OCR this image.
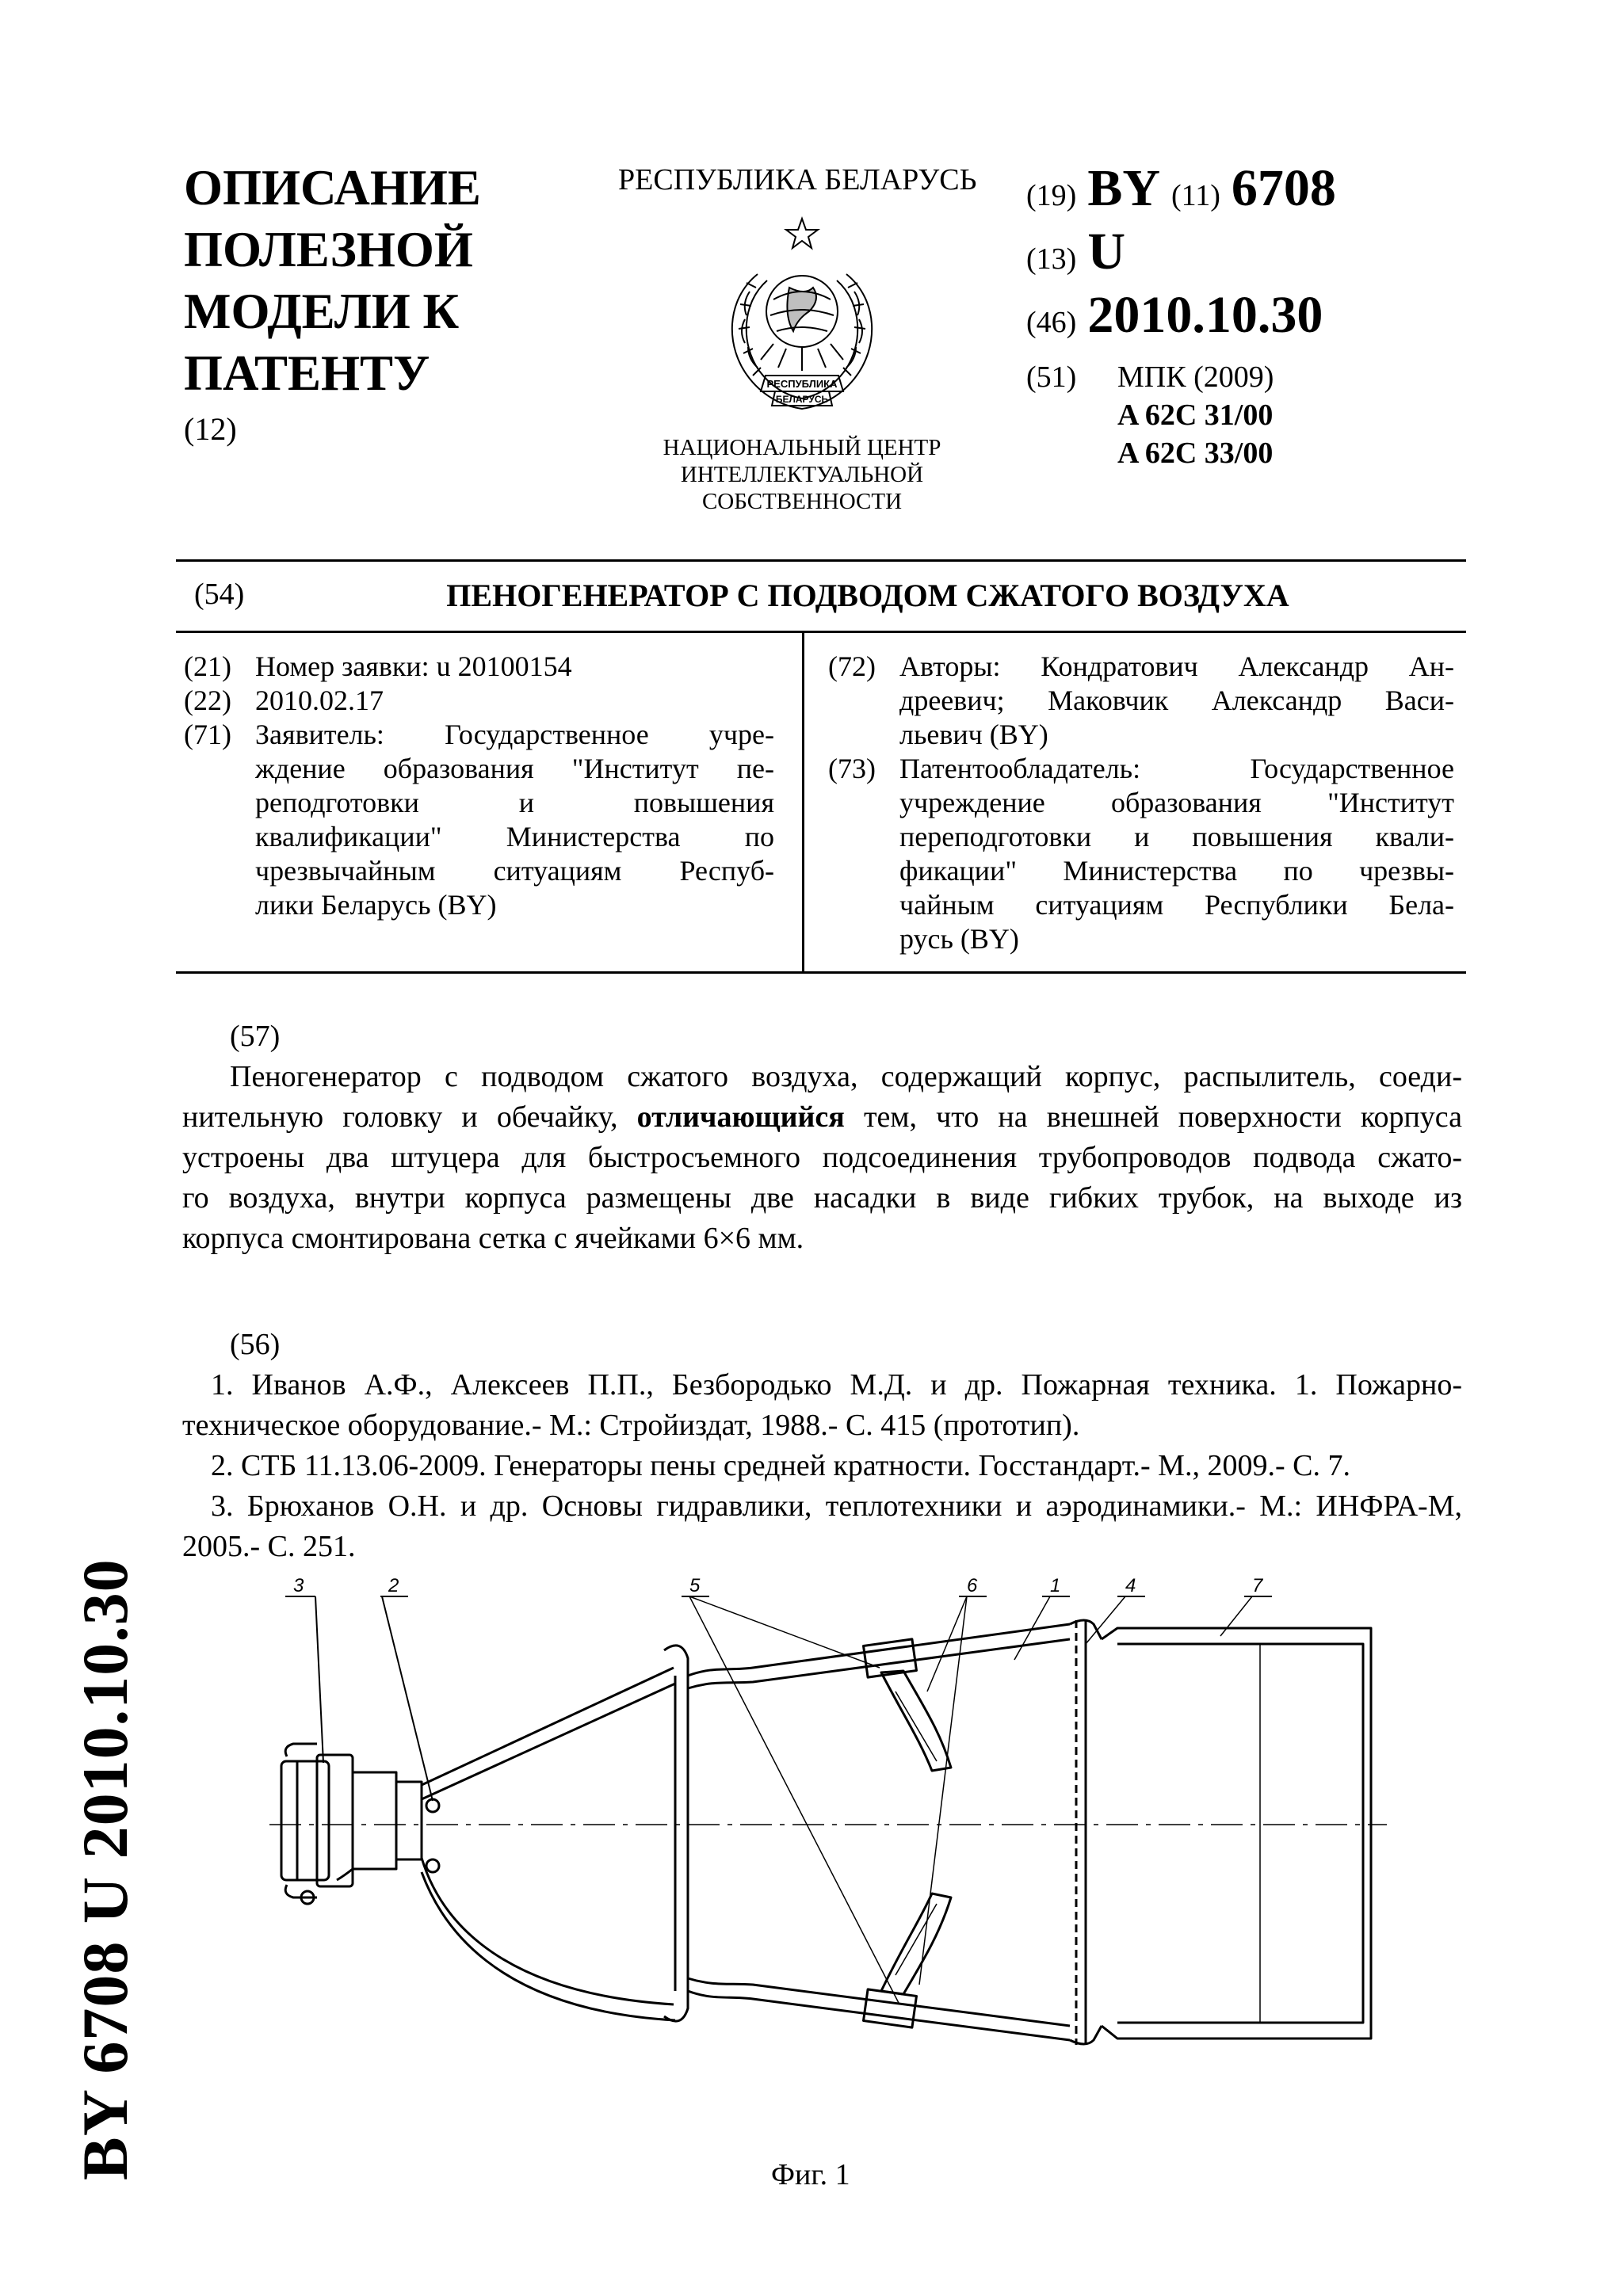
BY 6708 U 2010.10.30
ОПИСАНИЕ
ПОЛЕЗНОЙ
МОДЕЛИ К
ПАТЕНТУ
(12)
РЕСПУБЛИКА БЕЛАРУСЬ
РЕСПУБЛИКА
БЕЛАРУСЬ
НАЦИОНАЛЬНЫЙ ЦЕНТР
ИНТЕЛЛЕКТУАЛЬНОЙ
СОБСТВЕННОСТИ
(19) BY (11) 6708
(13) U
(46) 2010.10.30
(51)	МПК (2009)
A 62C 31/00
A 62C 33/00
(54)	ПЕНОГЕНЕРАТОР С ПОДВОДОМ СЖАТОГО ВОЗДУХА
(21) Номер заявки: u 20100154
(22) 2010.02.17
(71) Заявитель: Государственное учре-
ждение образования "Институт пе-
реподготовки и повышения
квалификации" Министерства по
чрезвычайным ситуациям Респуб-
лики Беларусь (BY)
(72) Авторы: Кондратович Александр Ан-
дреевич; Маковчик Александр Васи-
льевич (BY)
(73) Патентообладатель: Государственное
учреждение образования "Институт
переподготовки и повышения квали-
фикации" Министерства по чрезвы-
чайным ситуациям Республики Бела-
русь (BY)
(57)
Пеногенератор с подводом сжатого воздуха, содержащий корпус, распылитель, соеди-
нительную головку и обечайку, отличающийся тем, что на внешней поверхности корпуса
устроены два штуцера для быстросъемного подсоединения трубопроводов подвода сжато-
го воздуха, внутри корпуса размещены две насадки в виде гибких трубок, на выходе из
корпуса смонтирована сетка с ячейками 6×6 мм.
(56)
1. Иванов А.Ф., Алексеев П.П., Безбородько М.Д. и др. Пожарная техника. 1. Пожарно-
техническое оборудование.- М.: Стройиздат, 1988.- С. 415 (прототип).
2. СТБ 11.13.06-2009. Генераторы пены средней кратности. Госстандарт.- М., 2009.- С. 7.
3. Брюханов О.Н. и др. Основы гидравлики, теплотехники и аэродинамики.- М.: ИНФРА-М,
2005.- С. 251.
3	2	5	6	1	4	7
Фиг. 1
